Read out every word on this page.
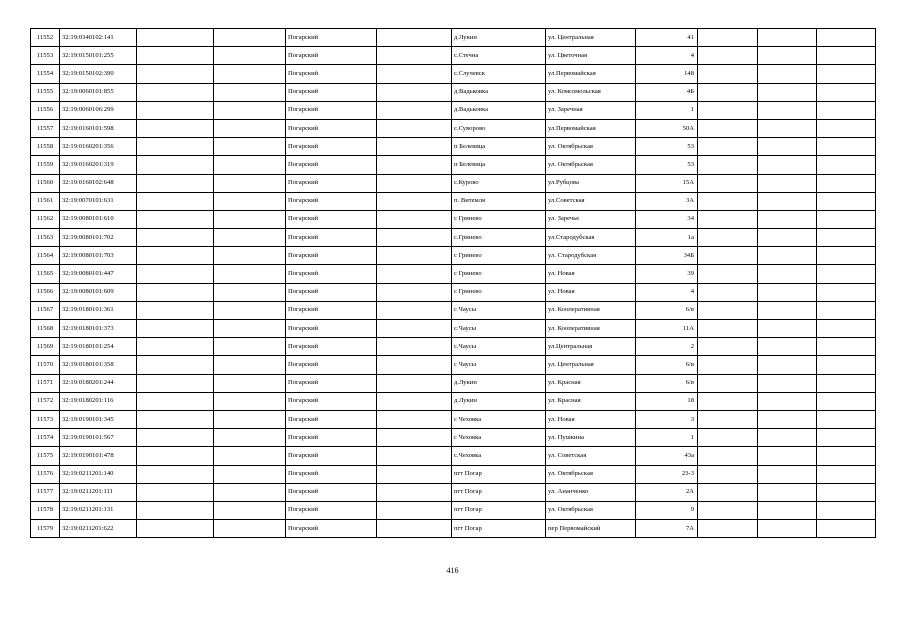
11552	32:19:0340102:141			Погарский		д.Лукин	ул. Центральная	41			
11553	32:19:0150101:255			Погарский		с.Стечна	ул. Цветочная	4			
11554	32:19:0150102:390			Погарский		с.Случевск	ул.Первомайская	148			
11555	32:19:0060101:855			Погарский		д.Вадьковка	ул. Комсомольская	4Б			
11556	32:19:0060106:299			Погарский		д.Вадьковка	ул. Заречная	1			
11557	32:19:0160101:598			Погарский		с.Суворово	ул.Первомайская	50А			
11558	32:19:0160201:356			Погарский		п Белевица	ул. Октябрьская	53			
11559	32:19:0160201:319			Погарский		п Белевица	ул. Октябрьская	53			
11560	32:19:0160102:648			Погарский		с.Курово	ул.Рубцова	15А			
11561	32:19:0070101:631			Погарский		п. Витемля	ул.Советская	3А			
11562	32:19:0080101:610			Погарский		с Гринево	ул. Заречье	34			
11563	32:19:0080101:702			Погарский		с.Гринево	ул.Стародубская	1а			
11564	32:19:0080101:703			Погарский		с Гринево	ул. Стародубская	34Б			
11565	32:19:0080101:447			Погарский		с Гринево	ул. Новая	39			
11566	32:19:0080101:609			Погарский		с Гринево	ул. Новая	4			
11567	32:19:0180101:361			Погарский		с Чаусы	ул. Кооперативная	6/в			
11568	32:19:0180101:373			Погарский		с.Чаусы	ул. Кооперативная	11А			
11569	32:19:0180101:254			Погарский		с.Чаусы	ул.Центральная	2			
11570	32:19:0180101:358			Погарский		с Чаусы	ул. Центральная	6/в			
11571	32:19:0180201:244			Погарский		д.Лукин	ул. Красная	6/в			
11572	32:19:0180201:116			Погарский		д.Лукин	ул. Красная	18			
11573	32:19:0190101:345			Погарский		с Чеховка	ул. Новая	3			
11574	32:19:0190101:567			Погарский		с Чеховка	ул. Пушкина	1			
11575	32:19:0190101:478			Погарский		с.Чеховка	ул. Советская	43а			
11576	32:19:0211201:140			Погарский		пгт Погар	ул. Октябрьская	23-3			
11577	32:19:0211201:111			Погарский		пгт Погар	ул. Ананченко	2А			
11578	32:19:0211201:131			Погарский		пгт Погар	ул. Октябрьская	9			
11579	32:19:0211201:622			Погарский		пгт Погар	пер Первомайский	7А			
416
